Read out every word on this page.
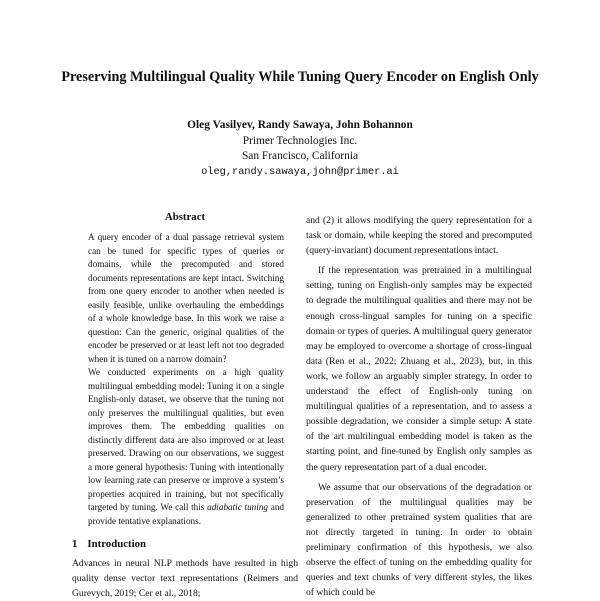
Preserving Multilingual Quality While Tuning Query Encoder on English Only
Oleg Vasilyev, Randy Sawaya, John Bohannon
Primer Technologies Inc.
San Francisco, California
oleg,randy.sawaya,john@primer.ai
Abstract

A query encoder of a dual passage retrieval system can be tuned for specific types of queries or domains, while the precomputed and stored documents representations are kept intact. Switching from one query encoder to another when needed is easily feasible, unlike overhauling the embeddings of a whole knowledge base. In this work we raise a question: Can the generic, original qualities of the encoder be preserved or at least left not too degraded when it is tuned on a narrow domain?

We conducted experiments on a high quality multilingual embedding model: Tuning it on a single English-only dataset, we observe that the tuning not only preserves the multilingual qualities, but even improves them. The embedding qualities on distinctly different data are also improved or at least preserved. Drawing on our observations, we suggest a more general hypothesis: Tuning with intentionally low learning rate can preserve or improve a system’s properties acquired in training, but not specifically targeted by tuning. We call this adiabatic tuning and provide tentative explanations.

1 Introduction

Advances in neural NLP methods have resulted in high quality dense vector text representations (Reimers and Gurevych, 2019; Cer et al., 2018;

and (2) it allows modifying the query representation for a task or domain, while keeping the stored and precomputed (query-invariant) document representations intact.

If the representation was pretrained in a multilingual setting, tuning on English-only samples may be expected to degrade the multilingual qualities and there may not be enough cross-lingual samples for tuning on a specific domain or types of queries. A multilingual query generator may be employed to overcome a shortage of cross-lingual data (Ren et al., 2022; Zhuang et al., 2023), but, in this work, we follow an arguably simpler strategy. In order to understand the effect of English-only tuning on multilingual qualities of a representation, and to assess a possible degradation, we consider a simple setup: A state of the art multilingual embedding model is taken as the starting point, and fine-tuned by English only samples as the query representation part of a dual encoder.

We assume that our observations of the degradation or preservation of the multilingual qualities may be generalized to other pretrained system qualities that are not directly targeted in tuning. In order to obtain preliminary confirmation of this hypothesis, we also observe the effect of tuning on the embedding quality for queries and text chunks of very different styles, the likes of which could be
